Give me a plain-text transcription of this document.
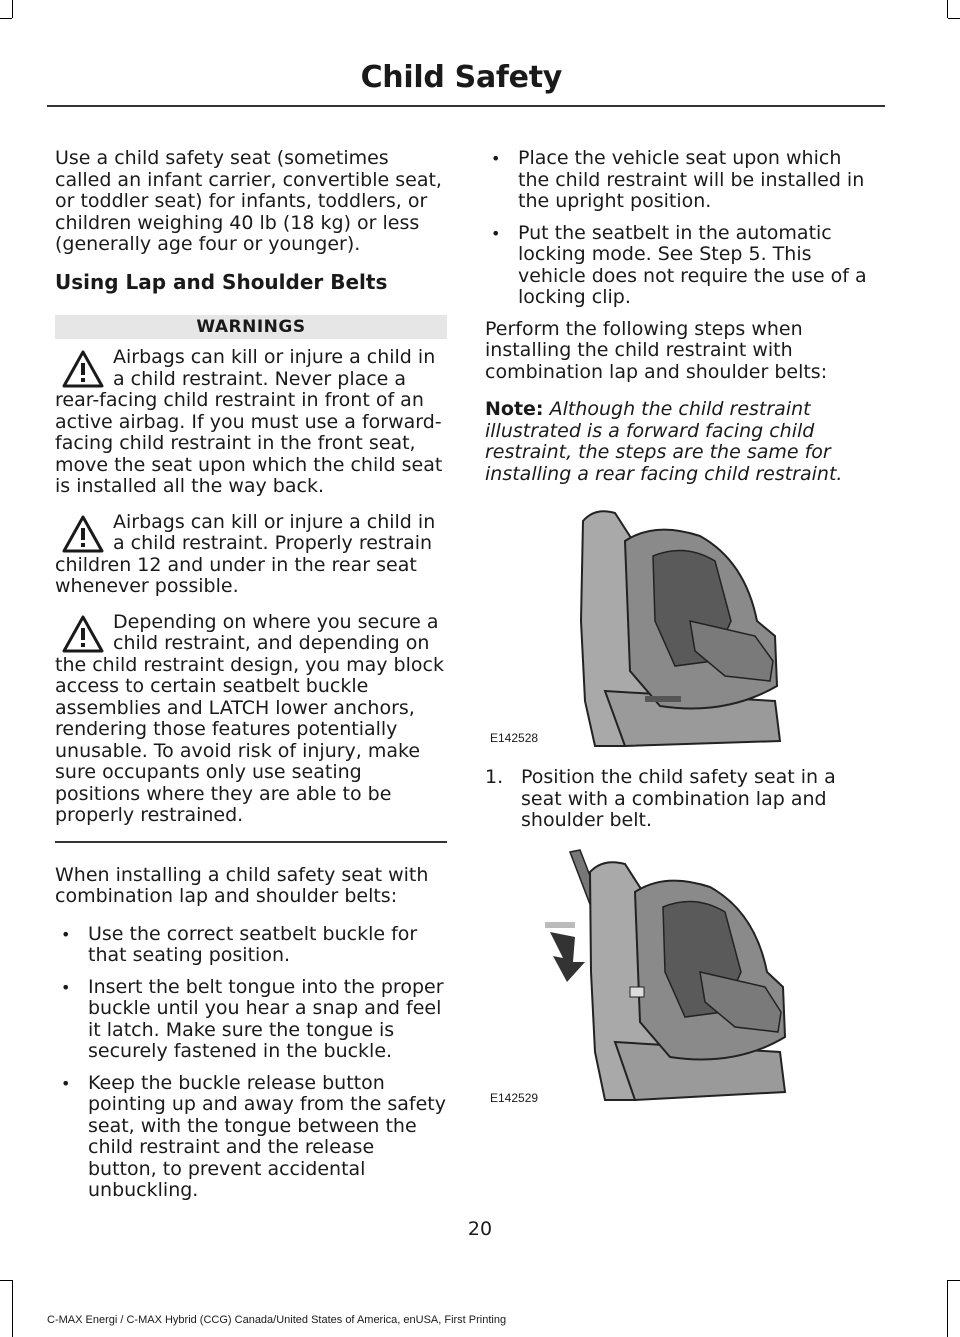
Child Safety

Use a child safety seat (sometimes called an infant carrier, convertible seat, or toddler seat) for infants, toddlers, or children weighing 40 lb (18 kg) or less (generally age four or younger).

Using Lap and Shoulder Belts
WARNINGS
Airbags can kill or injure a child in a child restraint. Never place a rear-facing child restraint in front of an active airbag. If you must use a forward-facing child restraint in the front seat, move the seat upon which the child seat is installed all the way back.
Airbags can kill or injure a child in a child restraint. Properly restrain children 12 and under in the rear seat whenever possible.
Depending on where you secure a child restraint, and depending on the child restraint design, you may block access to certain seatbelt buckle assemblies and LATCH lower anchors, rendering those features potentially unusable. To avoid risk of injury, make sure occupants only use seating positions where they are able to be properly restrained.

When installing a child safety seat with combination lap and shoulder belts:

• Use the correct seatbelt buckle for that seating position.
• Insert the belt tongue into the proper buckle until you hear a snap and feel it latch. Make sure the tongue is securely fastened in the buckle.
• Keep the buckle release button pointing up and away from the safety seat, with the tongue between the child restraint and the release button, to prevent accidental unbuckling.
• Place the vehicle seat upon which the child restraint will be installed in the upright position.
• Put the seatbelt in the automatic locking mode. See Step 5. This vehicle does not require the use of a locking clip.

Perform the following steps when installing the child restraint with combination lap and shoulder belts:

Note: Although the child restraint illustrated is a forward facing child restraint, the steps are the same for installing a rear facing child restraint.

E142528
1. Position the child safety seat in a seat with a combination lap and shoulder belt.
E142529
20
C-MAX Energi / C-MAX Hybrid (CCG) Canada/United States of America, enUSA, First Printing
